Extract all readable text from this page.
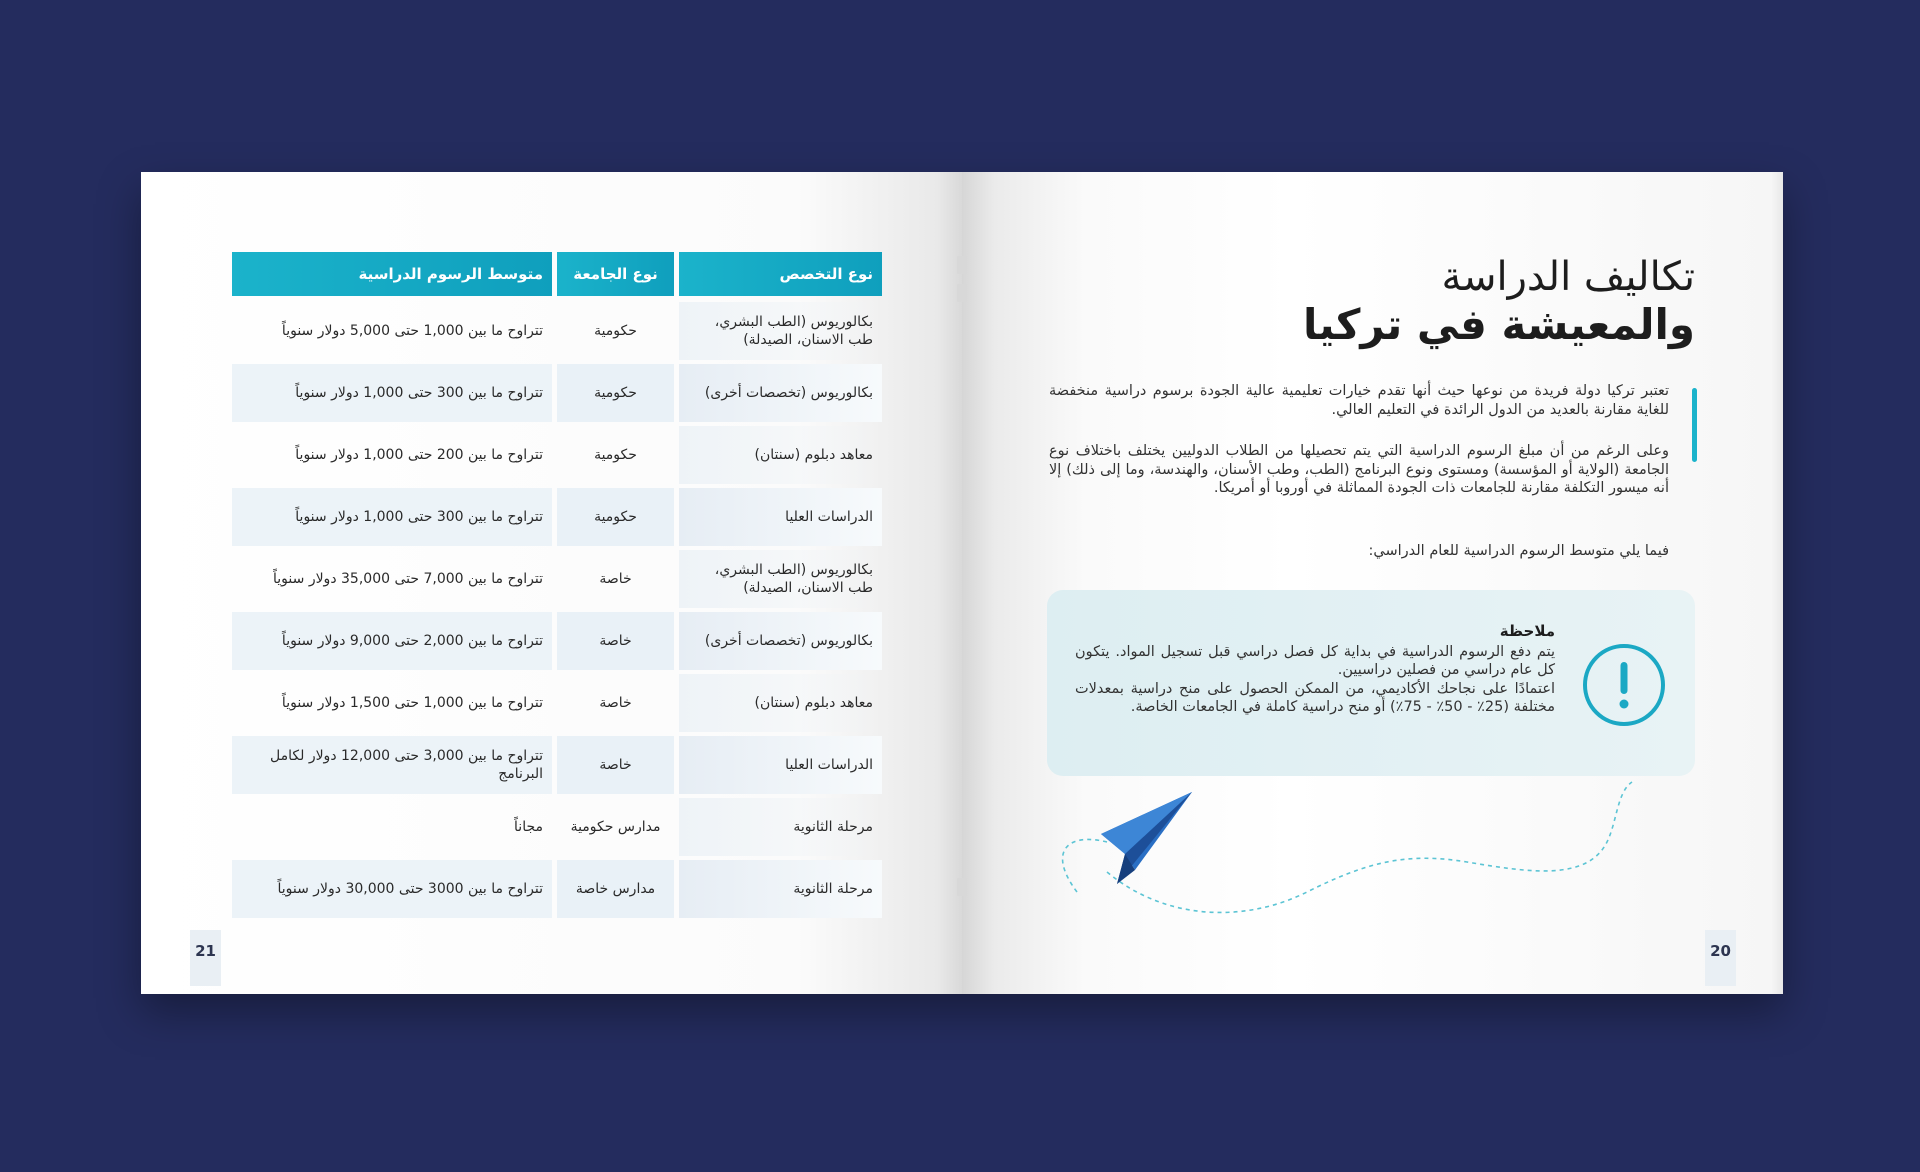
نوع التخصص
نوع الجامعة
متوسط الرسوم الدراسية
بكالوريوس (الطب البشري، طب الاسنان، الصيدلة)
حكومية
تتراوح ما بين 1,000 حتى 5,000 دولار سنوياً
بكالوريوس (تخصصات أخرى)
حكومية
تتراوح ما بين 300 حتى 1,000 دولار سنوياً
معاهد دبلوم (سنتان)
حكومية
تتراوح ما بين 200 حتى 1,000 دولار سنوياً
الدراسات العليا
حكومية
تتراوح ما بين 300 حتى 1,000 دولار سنوياً
بكالوريوس (الطب البشري، طب الاسنان، الصيدلة)
خاصة
تتراوح ما بين 7,000 حتى 35,000 دولار سنوياً
بكالوريوس (تخصصات أخرى)
خاصة
تتراوح ما بين 2,000 حتى 9,000 دولار سنوياً
معاهد دبلوم (سنتان)
خاصة
تتراوح ما بين 1,000 حتى 1,500 دولار سنوياً
الدراسات العليا
خاصة
تتراوح ما بين 3,000 حتى 12,000 دولار لكامل البرنامج
مرحلة الثانوية
مدارس حكومية
مجاناً
مرحلة الثانوية
مدارس خاصة
تتراوح ما بين 3000 حتى 30,000 دولار سنوياً
21
تكاليف الدراسة
والمعيشة في تركيا
تعتبر تركيا دولة فريدة من نوعها حيث أنها تقدم خيارات تعليمية عالية الجودة برسوم دراسية منخفضة للغاية مقارنة بالعديد من الدول الرائدة في التعليم العالي.
وعلى الرغم من أن مبلغ الرسوم الدراسية التي يتم تحصيلها من الطلاب الدوليين يختلف باختلاف نوع الجامعة (الولاية أو المؤسسة) ومستوى ونوع البرنامج (الطب، وطب الأسنان، والهندسة، وما إلى ذلك) إلا أنه ميسور التكلفة مقارنة للجامعات ذات الجودة المماثلة في أوروبا أو أمريكا.
فيما يلي متوسط الرسوم الدراسية للعام الدراسي:
ملاحظة
يتم دفع الرسوم الدراسية في بداية كل فصل دراسي قبل تسجيل المواد. يتكون كل عام دراسي من فصلين دراسيين.
اعتمادًا على نجاحك الأكاديمي، من الممكن الحصول على منح دراسية بمعدلات مختلفة (25٪ - 50٪ - 75٪) أو منح دراسية كاملة في الجامعات الخاصة.
20
